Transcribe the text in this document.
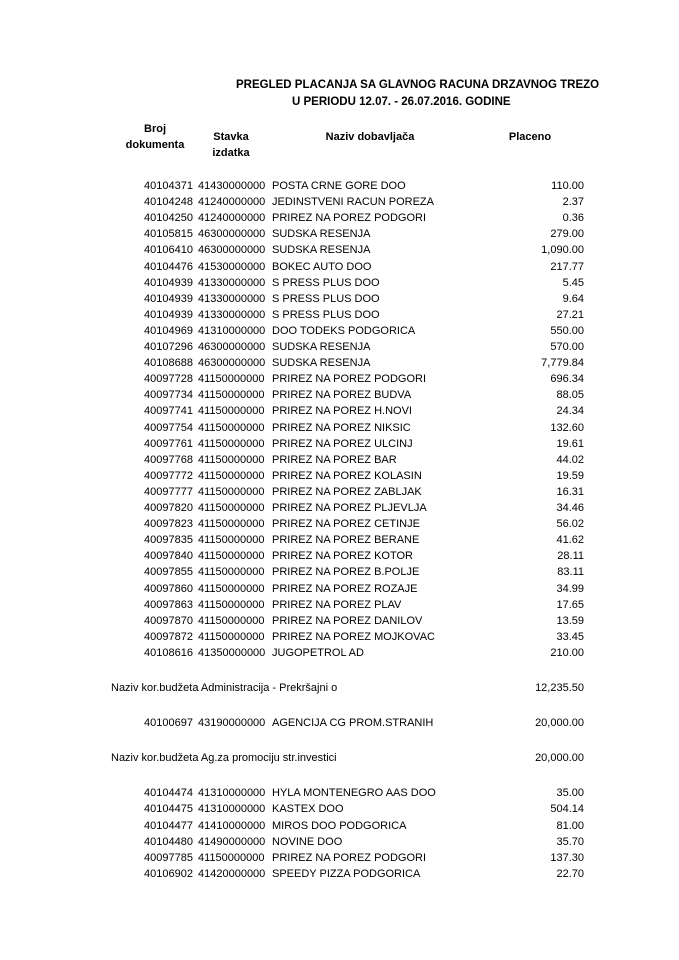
PREGLED PLACANJA SA GLAVNOG RACUNA DRZAVNOG TREZO
U PERIODU 12.07. - 26.07.2016. GODINE
Broj
dokumenta
Stavka
izdatka
Naziv dobavljača	Placeno
40104371 41430000000 POSTA CRNE GORE DOO	110.00
40104248 41240000000 JEDINSTVENI RACUN POREZA	2.37
40104250 41240000000 PRIREZ NA POREZ PODGORI	0.36
40105815 46300000000 SUDSKA RESENJA	279.00
40106410 46300000000 SUDSKA RESENJA	1,090.00
40104476 41530000000 BOKEC AUTO DOO	217.77
40104939 41330000000 S PRESS PLUS DOO	5.45
40104939 41330000000 S PRESS PLUS DOO	9.64
40104939 41330000000 S PRESS PLUS DOO	27.21
40104969 41310000000 DOO TODEKS PODGORICA	550.00
40107296 46300000000 SUDSKA RESENJA	570.00
40108688 46300000000 SUDSKA RESENJA	7,779.84
40097728 41150000000 PRIREZ NA POREZ PODGORI	696.34
40097734 41150000000 PRIREZ NA POREZ BUDVA	88.05
40097741 41150000000 PRIREZ NA POREZ H.NOVI	24.34
40097754 41150000000 PRIREZ NA POREZ NIKSIC	132.60
40097761 41150000000 PRIREZ NA POREZ ULCINJ	19.61
40097768 41150000000 PRIREZ NA POREZ BAR	44.02
40097772 41150000000 PRIREZ NA POREZ KOLASIN	19.59
40097777 41150000000 PRIREZ NA POREZ ZABLJAK	16.31
40097820 41150000000 PRIREZ NA POREZ PLJEVLJA	34.46
40097823 41150000000 PRIREZ NA POREZ CETINJE	56.02
40097835 41150000000 PRIREZ NA POREZ BERANE	41.62
40097840 41150000000 PRIREZ NA POREZ KOTOR	28.11
40097855 41150000000 PRIREZ NA POREZ B.POLJE	83.11
40097860 41150000000 PRIREZ NA POREZ ROZAJE	34.99
40097863 41150000000 PRIREZ NA POREZ PLAV	17.65
40097870 41150000000 PRIREZ NA POREZ DANILOV	13.59
40097872 41150000000 PRIREZ NA POREZ MOJKOVAC	33.45
40108616 41350000000 JUGOPETROL AD	210.00
Naziv kor.budžeta Administracija - Prekršajni o	12,235.50
40100697 43190000000 AGENCIJA CG PROM.STRANIH	20,000.00
Naziv kor.budžeta Ag.za promociju str.investici	20,000.00
40104474 41310000000 HYLA MONTENEGRO AAS DOO	35.00
40104475 41310000000 KASTEX DOO	504.14
40104477 41410000000 MIROS DOO PODGORICA	81.00
40104480 41490000000 NOVINE DOO	35.70
40097785 41150000000 PRIREZ NA POREZ PODGORI	137.30
40106902 41420000000 SPEEDY PIZZA PODGORICA	22.70
